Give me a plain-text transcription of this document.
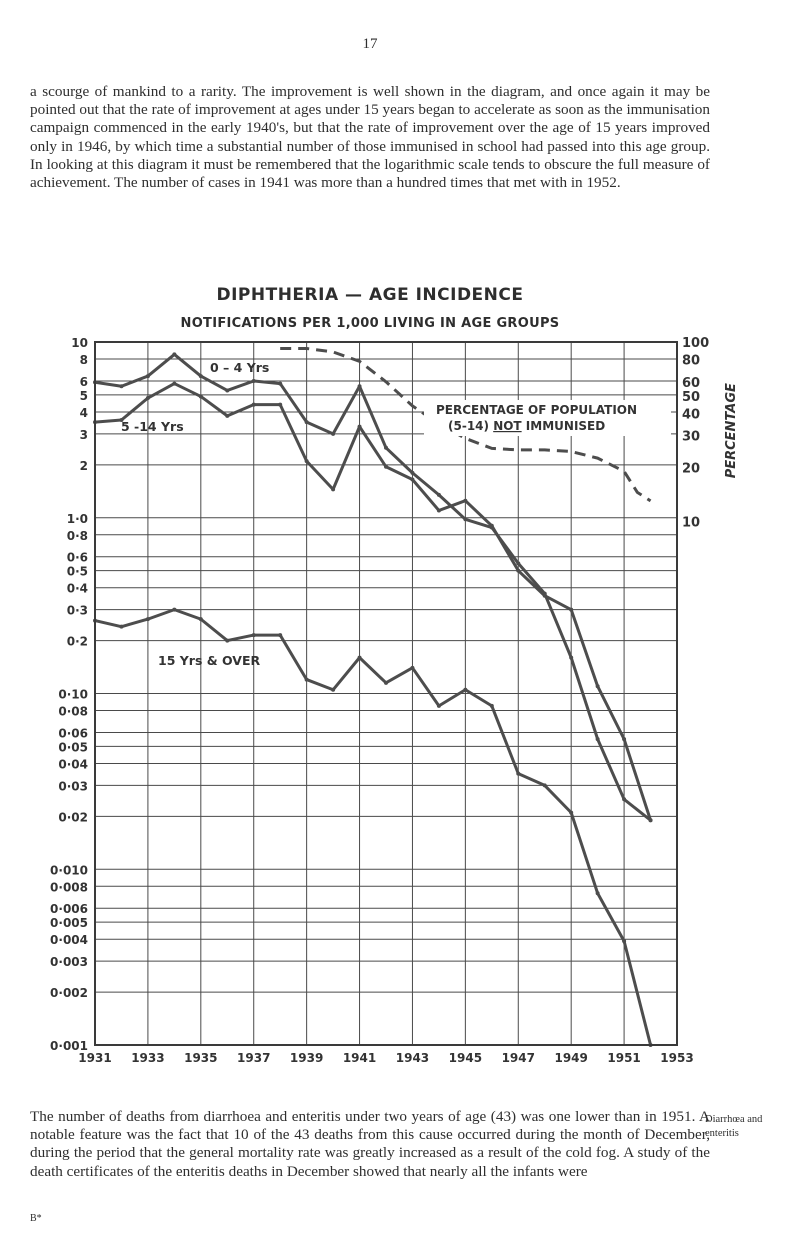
17

a scourge of mankind to a rarity. The improvement is well shown in the diagram, and once again it may be pointed out that the rate of improvement at ages under 15 years began to accelerate as soon as the immunisation campaign commenced in the early 1940's, but that the rate of improvement over the age of 15 years improved only in 1946, by which time a substantial number of those immunised in school had passed into this age group. In looking at this diagram it must be remembered that the logarithmic scale tends to obscure the full measure of achievement. The number of cases in 1941 was more than a hundred times that met with in 1952.

DIPHTHERIA — AGE INCIDENCE
NOTIFICATIONS PER 1,000 LIVING IN AGE GROUPS
10
8
6
5
4
3
2
1·0
0·8
0·6
0·5
0·4
0·3
0·2
0·10
0·08
0·06
0·05
0·04
0·03
0·02
0·010
0·008
0·006
0·005
0·004
0·003
0·002
0·001
100
80
60
50
40
30
20
10
PERCENTAGE
1931 1933 1935 1937 1939 1941 1943 1945 1947 1949 1951 1953
0 – 4 Yrs
5 -14 Yrs
15 Yrs & OVER
PERCENTAGE OF POPULATION
(5-14) NOT IMMUNISED

The number of deaths from diarrhoea and enteritis under two years of age (43) was one lower than in 1951. A notable feature was the fact that 10 of the 43 deaths from this cause occurred during the month of December, during the period that the general mortality rate was greatly increased as a result of the cold fog. A study of the death certificates of the enteritis deaths in December showed that nearly all the infants were

Diarrhœa and enteritis
B*
